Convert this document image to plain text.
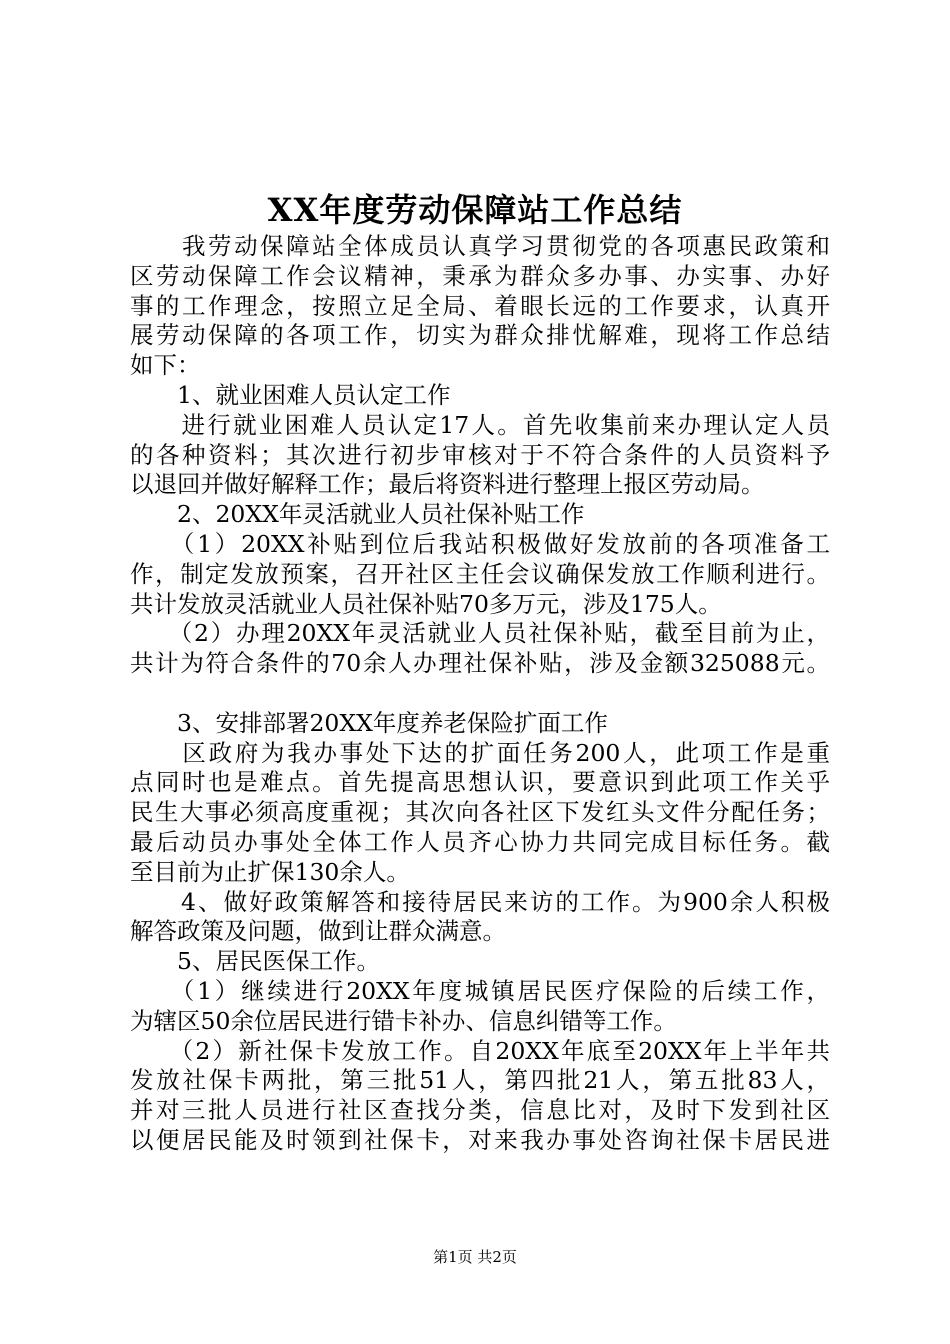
XX年度劳动保障站工作总结
　　我劳动保障站全体成员认真学习贯彻党的各项惠民政策和
区劳动保障工作会议精神，秉承为群众多办事、办实事、办好
事的工作理念，按照立足全局、着眼长远的工作要求，认真开
展劳动保障的各项工作，切实为群众排忧解难，现将工作总结
如下：
　　1、就业困难人员认定工作
　　进行就业困难人员认定17人。首先收集前来办理认定人员
的各种资料；其次进行初步审核对于不符合条件的人员资料予
以退回并做好解释工作；最后将资料进行整理上报区劳动局。
　　2、20XX年灵活就业人员社保补贴工作
　　（1）20XX补贴到位后我站积极做好发放前的各项准备工
作，制定发放预案，召开社区主任会议确保发放工作顺利进行。
共计发放灵活就业人员社保补贴70多万元，涉及175人。
　　（2）办理20XX年灵活就业人员社保补贴，截至目前为止，
共计为符合条件的70余人办理社保补贴，涉及金额325088元。
　　3、安排部署20XX年度养老保险扩面工作
　　区政府为我办事处下达的扩面任务200人，此项工作是重
点同时也是难点。首先提高思想认识，要意识到此项工作关乎
民生大事必须高度重视；其次向各社区下发红头文件分配任务；
最后动员办事处全体工作人员齐心协力共同完成目标任务。截
至目前为止扩保130余人。
　　4、做好政策解答和接待居民来访的工作。为900余人积极
解答政策及问题，做到让群众满意。
　　5、居民医保工作。
　　（1）继续进行20XX年度城镇居民医疗保险的后续工作，
为辖区50余位居民进行错卡补办、信息纠错等工作。
　　（2）新社保卡发放工作。自20XX年底至20XX年上半年共
发放社保卡两批，第三批51人，第四批21人，第五批83人，
并对三批人员进行社区查找分类，信息比对，及时下发到社区
以便居民能及时领到社保卡，对来我办事处咨询社保卡居民进
第1页 共2页
